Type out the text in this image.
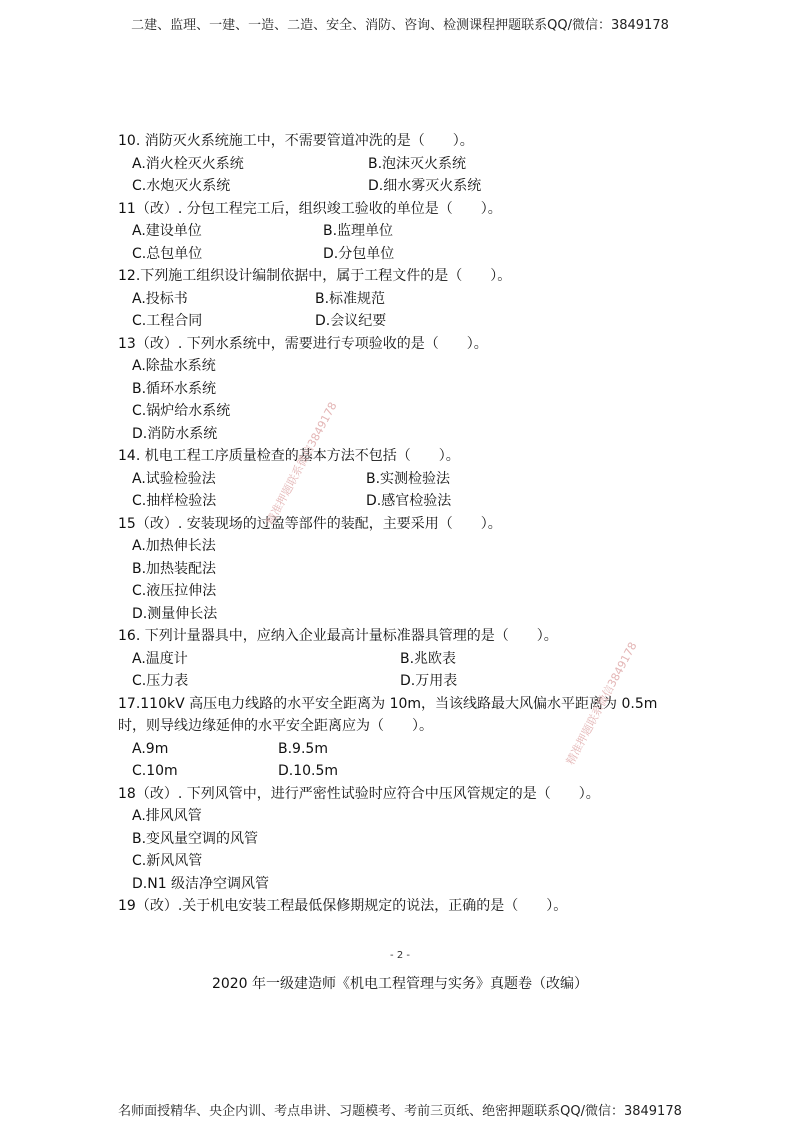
二建、监理、一建、一造、二造、安全、消防、咨询、检测课程押题联系QQ/微信：3849178
10. 消防灭火系统施工中，不需要管道冲洗的是（　　）。
A.消火栓灭火系统	B.泡沫灭火系统
C.水炮灭火系统	D.细水雾灭火系统
11（改）. 分包工程完工后，组织竣工验收的单位是（　　）。
A.建设单位	B.监理单位
C.总包单位	D.分包单位
12.下列施工组织设计编制依据中，属于工程文件的是（　　）。
A.投标书	B.标准规范
C.工程合同	D.会议纪要
13（改）. 下列水系统中，需要进行专项验收的是（　　）。
A.除盐水系统
B.循环水系统
C.锅炉给水系统
D.消防水系统
14. 机电工程工序质量检查的基本方法不包括（　　）。
A.试验检验法	B.实测检验法
C.抽样检验法	D.感官检验法
15（改）. 安装现场的过盈等部件的装配，主要采用（　　）。
A.加热伸长法
B.加热装配法
C.液压拉伸法
D.测量伸长法
16. 下列计量器具中，应纳入企业最高计量标准器具管理的是（　　）。
A.温度计	B.兆欧表
C.压力表	D.万用表
17.110kV 高压电力线路的水平安全距离为 10m，当该线路最大风偏水平距离为 0.5m 时，则导线边缘延伸的水平安全距离应为（　　）。
A.9m	B.9.5m
C.10m	D.10.5m
18（改）. 下列风管中，进行严密性试验时应符合中压风管规定的是（　　）。
A.排风风管
B.变风量空调的风管
C.新风风管
D.N1 级洁净空调风管
19（改）.关于机电安装工程最低保修期规定的说法，正确的是（　　）。
- 2 -
2020 年一级建造师《机电工程管理与实务》真题卷（改编）
精准押题联系微信3849178
精准押题联系微信3849178
名师面授精华、央企内训、考点串讲、习题模考、考前三页纸、绝密押题联系QQ/微信：3849178
